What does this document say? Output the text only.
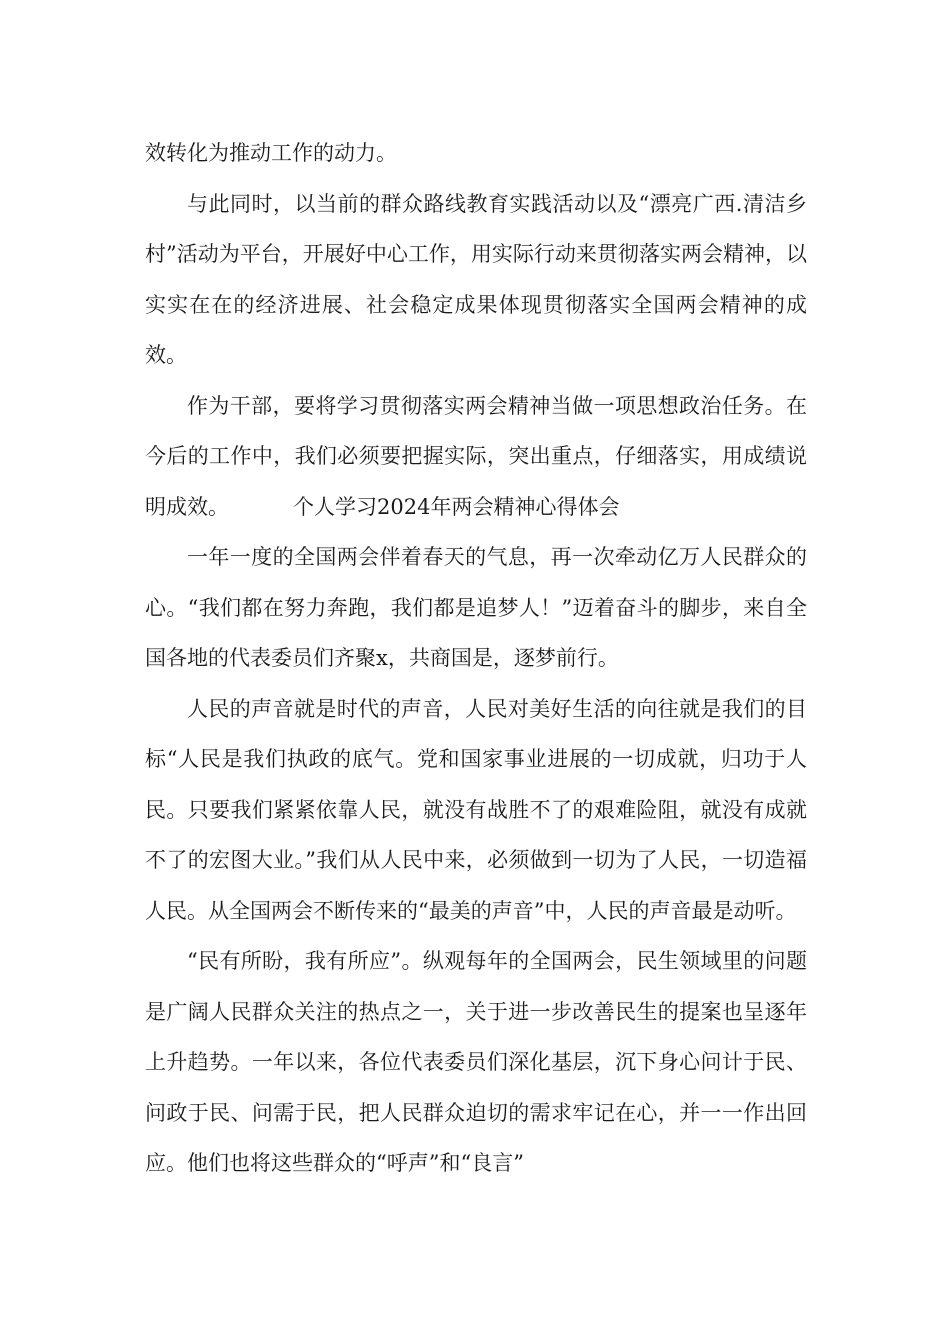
效转化为推动工作的动力。

与此同时，以当前的群众路线教育实践活动以及“漂亮广西.清洁乡村”活动为平台，开展好中心工作，用实际行动来贯彻落实两会精神，以实实在在的经济进展、社会稳定成果体现贯彻落实全国两会精神的成效。

作为干部，要将学习贯彻落实两会精神当做一项思想政治任务。在今后的工作中，我们必须要把握实际，突出重点，仔细落实，用成绩说明成效。	个人学习2024年两会精神心得体会

一年一度的全国两会伴着春天的气息，再一次牵动亿万人民群众的心。“我们都在努力奔跑，我们都是追梦人！”迈着奋斗的脚步，来自全国各地的代表委员们齐聚x，共商国是，逐梦前行。

人民的声音就是时代的声音，人民对美好生活的向往就是我们的目标“人民是我们执政的底气。党和国家事业进展的一切成就，归功于人民。只要我们紧紧依靠人民，就没有战胜不了的艰难险阻，就没有成就不了的宏图大业。”我们从人民中来，必须做到一切为了人民，一切造福人民。从全国两会不断传来的“最美的声音”中，人民的声音最是动听。

“民有所盼，我有所应”。纵观每年的全国两会，民生领域里的问题是广阔人民群众关注的热点之一，关于进一步改善民生的提案也呈逐年上升趋势。一年以来，各位代表委员们深化基层，沉下身心问计于民、问政于民、问需于民，把人民群众迫切的需求牢记在心，并一一作出回应。他们也将这些群众的“呼声”和“良言”
